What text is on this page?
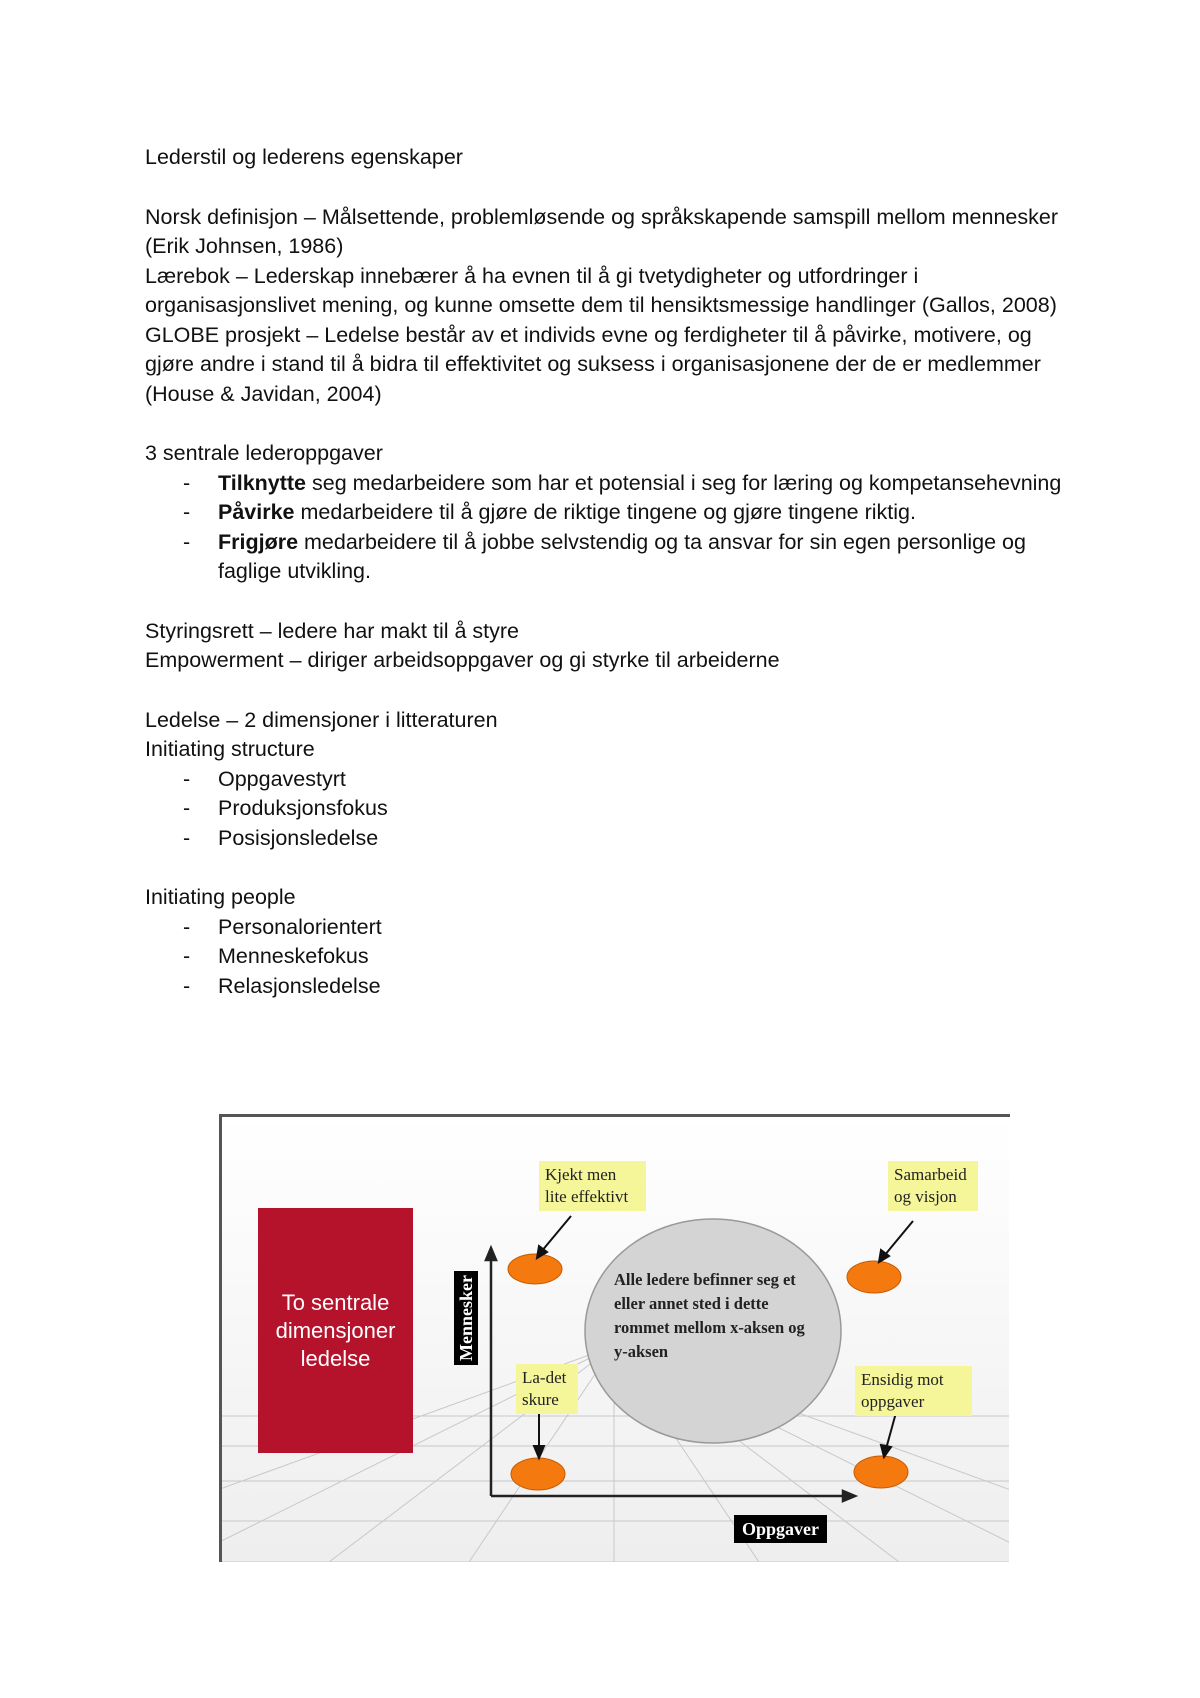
Lederstil og lederens egenskaper

Norsk definisjon – Målsettende, problemløsende og språkskapende samspill mellom mennesker (Erik Johnsen, 1986)

Lærebok – Lederskap innebærer å ha evnen til å gi tvetydigheter og utfordringer i organisasjonslivet mening, og kunne omsette dem til hensiktsmessige handlinger (Gallos, 2008)

GLOBE prosjekt – Ledelse består av et individs evne og ferdigheter til å påvirke, motivere, og gjøre andre i stand til å bidra til effektivitet og suksess i organisasjonene der de er medlemmer (House & Javidan, 2004)

3 sentrale lederoppgaver

- Tilknytte seg medarbeidere som har et potensial i seg for læring og kompetansehevning
- Påvirke medarbeidere til å gjøre de riktige tingene og gjøre tingene riktig.
- Frigjøre medarbeidere til å jobbe selvstendig og ta ansvar for sin egen personlige og faglige utvikling.

Styringsrett – ledere har makt til å styre

Empowerment – diriger arbeidsoppgaver og gi styrke til arbeiderne

Ledelse – 2 dimensjoner i litteraturen

Initiating structure

- Oppgavestyrt
- Produksjonsfokus
- Posisjonsledelse

Initiating people

- Personalorientert
- Menneskefokus
- Relasjonsledelse
To sentrale dimensjoner ledelse	Mennesker
Oppgaver
Alle ledere befinner seg et eller annet sted i dette rommet mellom x-aksen og y-aksen
Kjekt men lite effektivt
Samarbeid og visjon
La-det skure
Ensidig mot oppgaver
